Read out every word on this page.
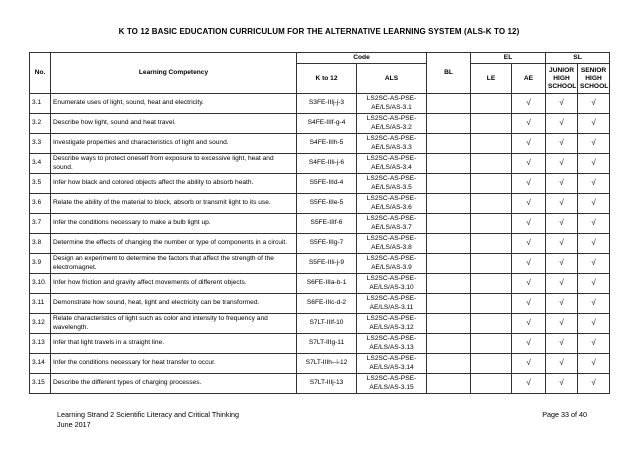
K TO 12 BASIC EDUCATION CURRICULUM FOR THE ALTERNATIVE LEARNING SYSTEM (ALS-K TO 12)
No.	Learning Competency	Code		BL	EL		SL	
		K to 12	ALS		LE	AE	JUNIOR HIGH SCHOOL	SENIOR HIGH SCHOOL
3.1	Enumerate uses of light, sound, heat and electricity.	S3FE-IIIj-j-3	LS2SC-AS-PSE-AE/LS/AS-3.1			√	√	√
3.2	Describe how light, sound and heat travel.	S4FE-IIIf-g-4	LS2SC-AS-PSE-AE/LS/AS-3.2			√	√	√
3.3	Investigate properties and characteristics of light and sound.	S4FE-IIIh-5	LS2SC-AS-PSE-AE/LS/AS-3.3			√	√	√
3.4	Describe ways to protect oneself from exposure to excessive light, heat and sound.	S4FE-IIIi-j-6	LS2SC-AS-PSE-AE/LS/AS-3.4			√	√	√
3.5	Infer how black and colored objects affect the ability to absorb heath.	S5FE-IIId-4	LS2SC-AS-PSE-AE/LS/AS-3.5			√	√	√
3.6	Relate the ability of the material to block, absorb or transmit light to its use.	S5FE-IIIe-5	LS2SC-AS-PSE-AE/LS/AS-3.6			√	√	√
3.7	Infer the conditions necessary to make a bulb light up.	S5FE-IIIf-6	LS2SC-AS-PSE-AE/LS/AS-3.7			√	√	√
3.8	Determine the effects of changing the number or type of components in a circuit.	S5FE-IIIg-7	LS2SC-AS-PSE-AE/LS/AS-3.8			√	√	√
3.9	Design an experiment to determine the factors that affect the strength of the electromagnet.	S5FE-IIIi-j-9	LS2SC-AS-PSE-AE/LS/AS-3.9			√	√	√
3.10.	Infer how friction and gravity affect movements of different objects.	S6FE-IIIa-b-1	LS2SC-AS-PSE-AE/LS/AS-3.10			√	√	√
3.11	Demonstrate how sound, heat, light and electricity can be transformed.	S6FE-IIIc-d-2	LS2SC-AS-PSE-AE/LS/AS-3.11			√	√	√
3.12	Relate characteristics of light such as color and intensity to frequency and wavelength.	S7LT-IIIf-10	LS2SC-AS-PSE-AE/LS/AS-3.12			√	√	√
3.13	Infer that light travels in a straight line.	S7LT-IIIg-11	LS2SC-AS-PSE-AE/LS/AS-3.13			√	√	√
3.14	Infer the conditions necessary for heat transfer to occur.	S7LT-IIIh--i-12	LS2SC-AS-PSE-AE/LS/AS-3.14			√	√	√
3.15	Describe the different types of charging processes.	S7LT-IIIj-13	LS2SC-AS-PSE-AE/LS/AS-3.15			√	√	√
Learning Strand 2 Scientific Literacy and Critical Thinking	Page 33 of 40
June 2017
